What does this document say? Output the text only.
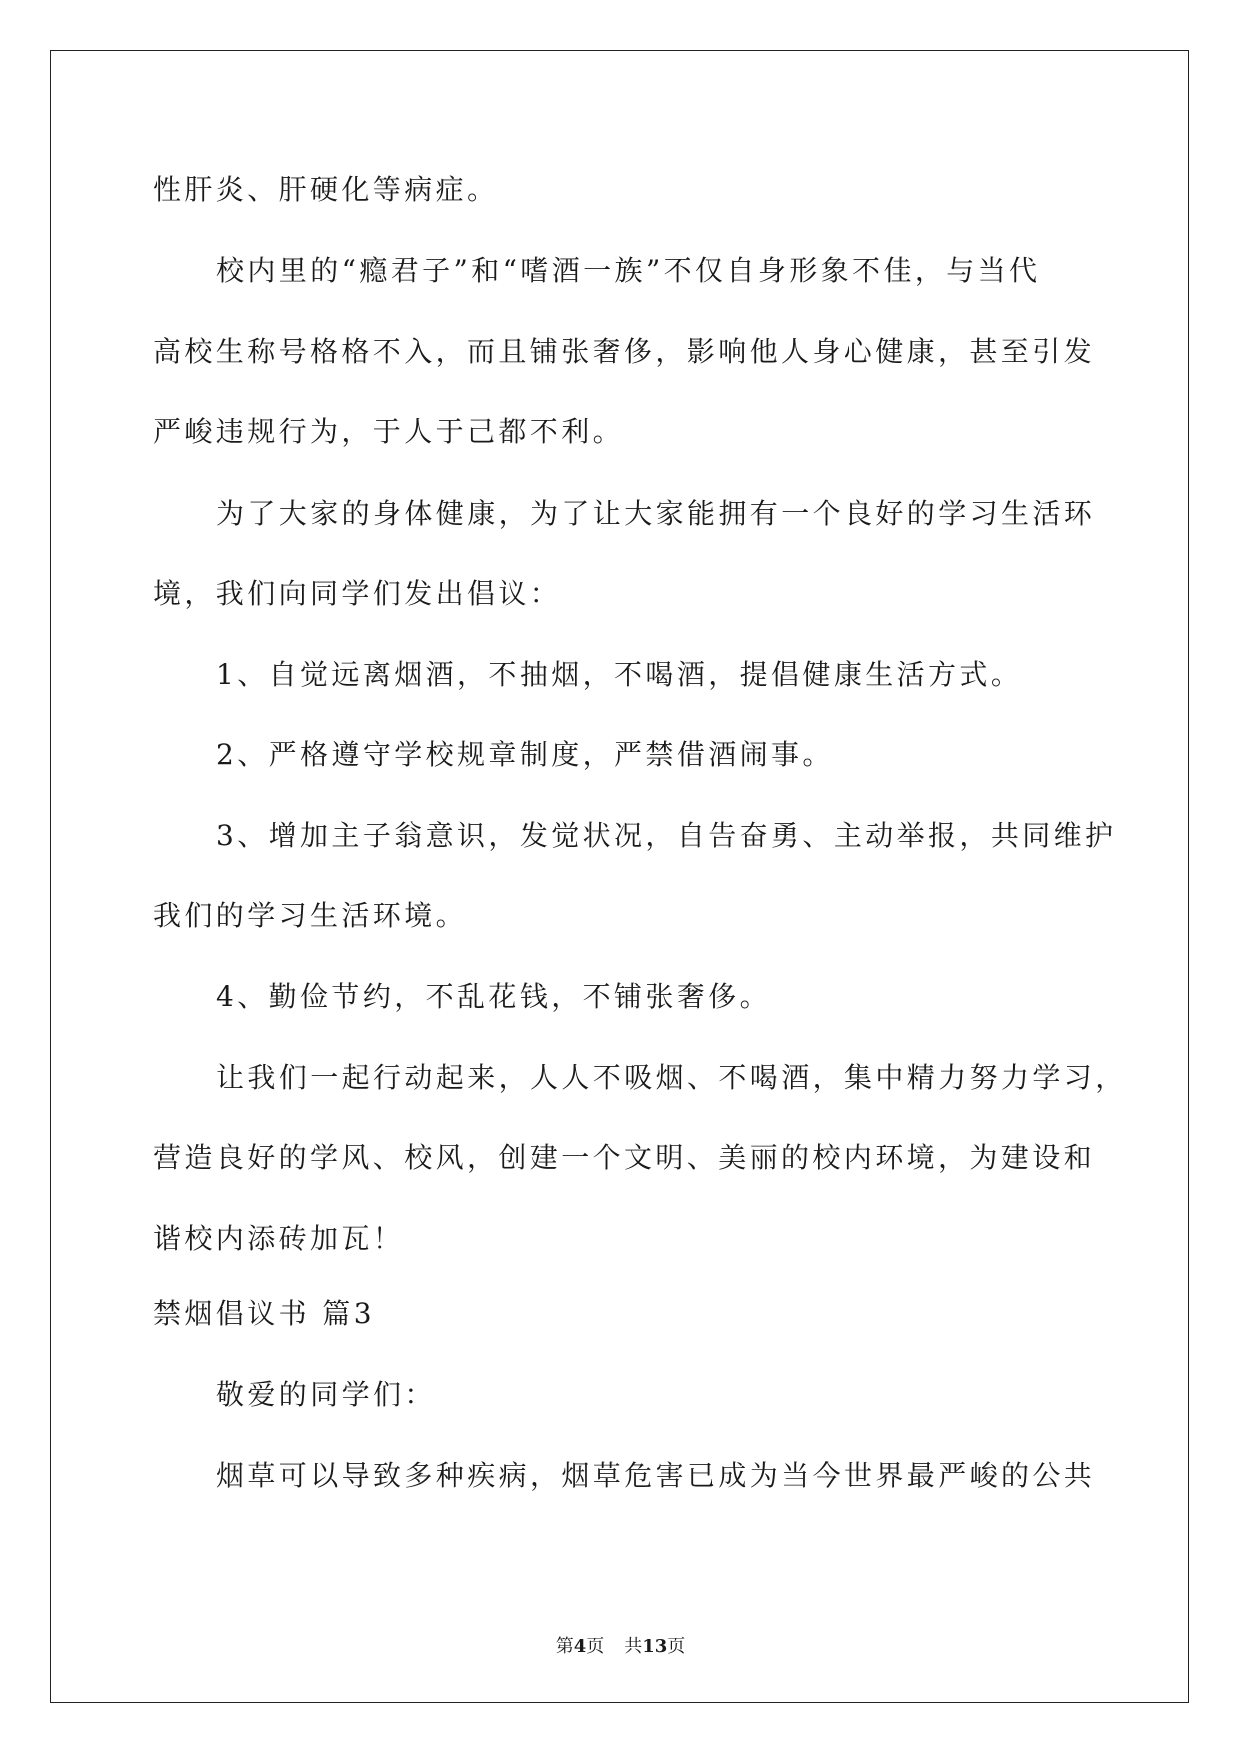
性肝炎、肝硬化等病症。
校内里的“瘾君子”和“嗜酒一族”不仅自身形象不佳，与当代
高校生称号格格不入，而且铺张奢侈，影响他人身心健康，甚至引发
严峻违规行为，于人于己都不利。
为了大家的身体健康，为了让大家能拥有一个良好的学习生活环
境，我们向同学们发出倡议：
1、自觉远离烟酒，不抽烟，不喝酒，提倡健康生活方式。
2、严格遵守学校规章制度，严禁借酒闹事。
3、增加主子翁意识，发觉状况，自告奋勇、主动举报，共同维护
我们的学习生活环境。
4、勤俭节约，不乱花钱，不铺张奢侈。
让我们一起行动起来，人人不吸烟、不喝酒，集中精力努力学习，
营造良好的学风、校风，创建一个文明、美丽的校内环境，为建设和
谐校内添砖加瓦！
禁烟倡议书 篇3
敬爱的同学们：
烟草可以导致多种疾病，烟草危害已成为当今世界最严峻的公共
第4页 共13页
